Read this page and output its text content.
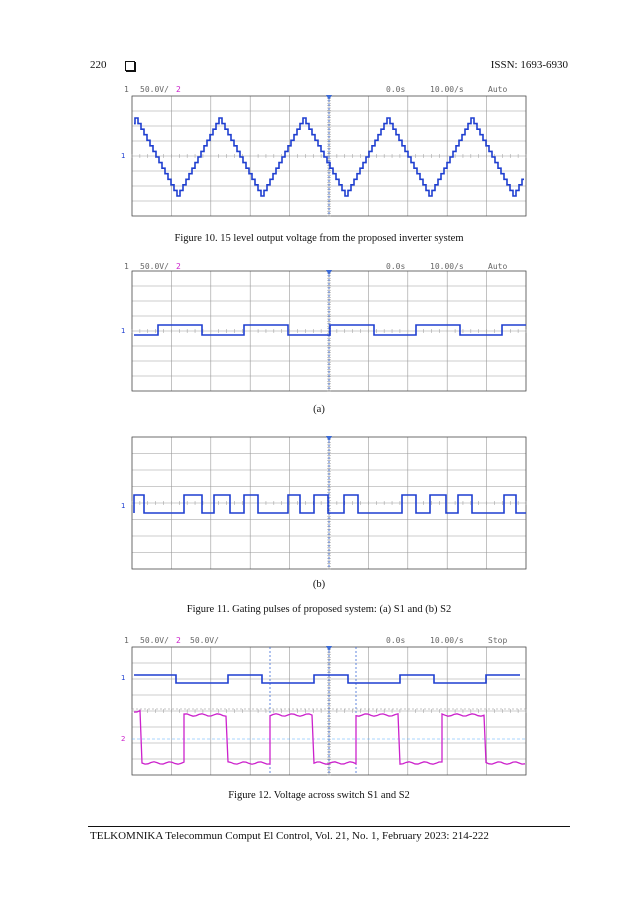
220	ISSN: 1693-6930
1 50.0V/ 2	0.0s	10.00/s	Auto
1
Figure 10. 15 level output voltage from the proposed inverter system
1 50.0V/ 2	0.0s	10.00/s	Auto
1
(a)
1
(b)
Figure 11. Gating pulses of proposed system: (a) S1 and (b) S2
1 50.0V/ 2 50.0V/	0.0s	10.00/s	Stop
1
2
Figure 12. Voltage across switch S1 and S2
TELKOMNIKA Telecommun Comput El Control, Vol. 21, No. 1, February 2023: 214-222
